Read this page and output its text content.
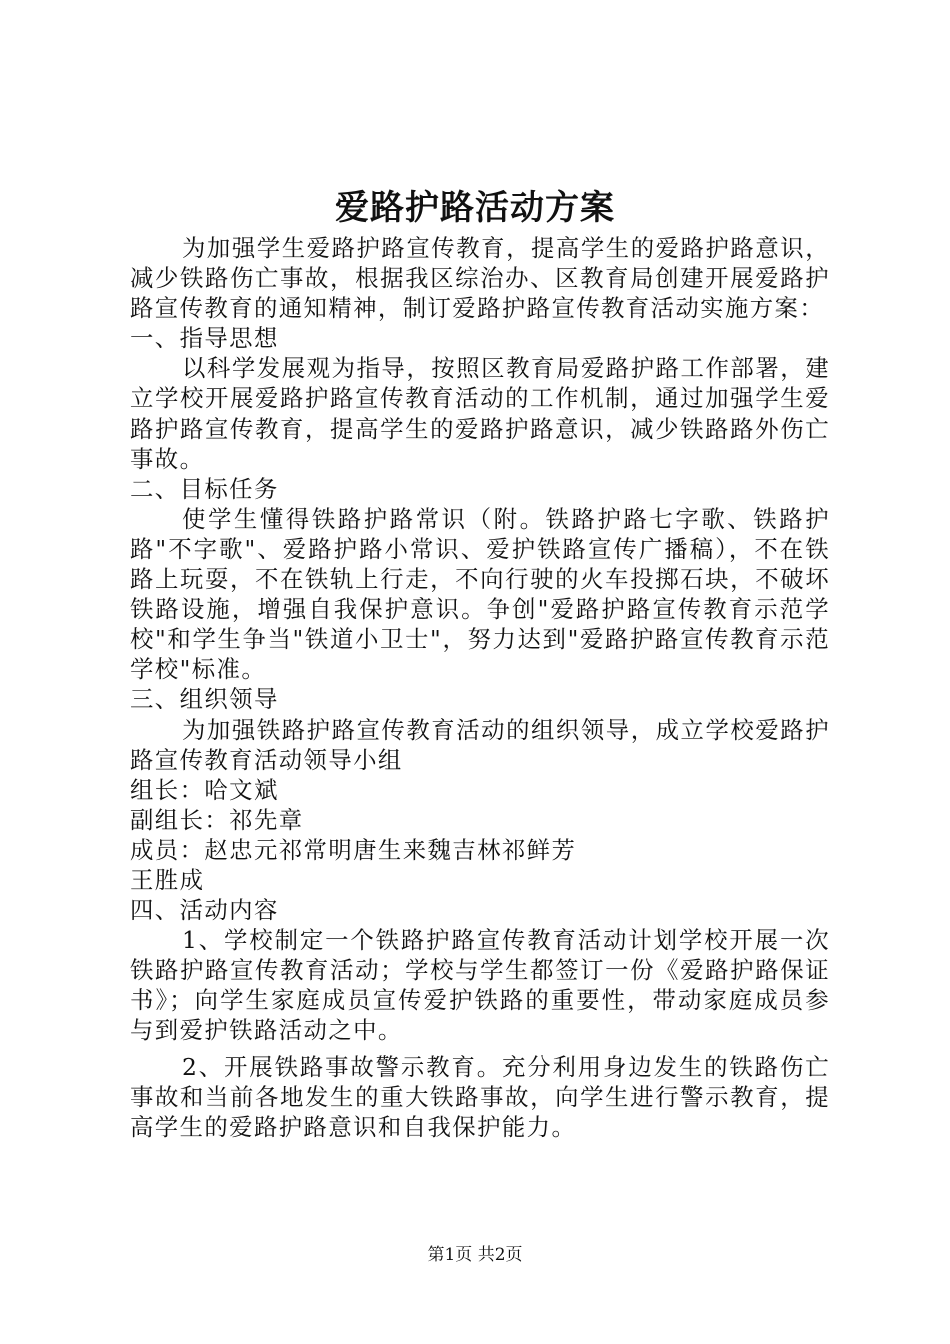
爱路护路活动方案

为加强学生爱路护路宣传教育，提高学生的爱路护路意识，减少铁路伤亡事故，根据我区综治办、区教育局创建开展爱路护路宣传教育的通知精神，制订爱路护路宣传教育活动实施方案：

一、指导思想

以科学发展观为指导，按照区教育局爱路护路工作部署，建立学校开展爱路护路宣传教育活动的工作机制，通过加强学生爱路护路宣传教育，提高学生的爱路护路意识，减少铁路路外伤亡事故。

二、目标任务

使学生懂得铁路护路常识（附。铁路护路七字歌、铁路护路"不字歌"、爱路护路小常识、爱护铁路宣传广播稿），不在铁路上玩耍，不在铁轨上行走，不向行驶的火车投掷石块，不破坏铁路设施，增强自我保护意识。争创"爱路护路宣传教育示范学校"和学生争当"铁道小卫士"，努力达到"爱路护路宣传教育示范学校"标准。

三、组织领导

为加强铁路护路宣传教育活动的组织领导，成立学校爱路护路宣传教育活动领导小组

组长：哈文斌

副组长：祁先章

成员：赵忠元祁常明唐生来魏吉林祁鲜芳

王胜成

四、活动内容

1、学校制定一个铁路护路宣传教育活动计划学校开展一次铁路护路宣传教育活动；学校与学生都签订一份《爱路护路保证书》；向学生家庭成员宣传爱护铁路的重要性，带动家庭成员参与到爱护铁路活动之中。

2、开展铁路事故警示教育。充分利用身边发生的铁路伤亡事故和当前各地发生的重大铁路事故，向学生进行警示教育，提高学生的爱路护路意识和自我保护能力。

第1页 共2页
